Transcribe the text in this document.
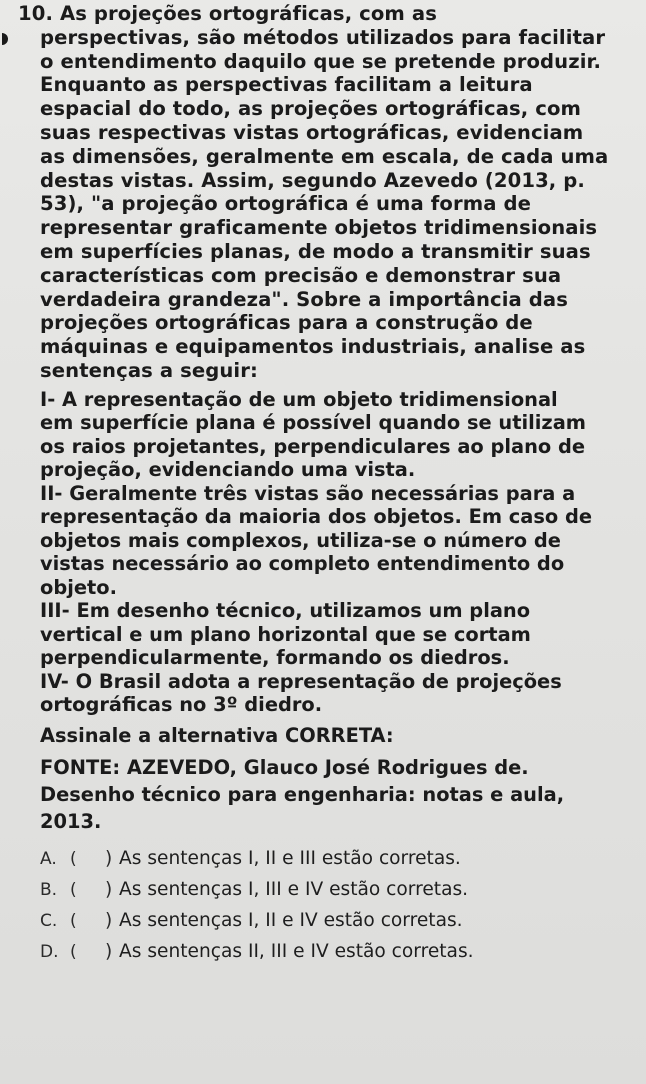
10. As projeções ortográficas, com as
perspectivas, são métodos utilizados para facilitar
o entendimento daquilo que se pretende produzir.
Enquanto as perspectivas facilitam a leitura
espacial do todo, as projeções ortográficas, com
suas respectivas vistas ortográficas, evidenciam
as dimensões, geralmente em escala, de cada uma
destas vistas. Assim, segundo Azevedo (2013, p.
53), "a projeção ortográfica é uma forma de
representar graficamente objetos tridimensionais
em superfícies planas, de modo a transmitir suas
características com precisão e demonstrar sua
verdadeira grandeza". Sobre a importância das
projeções ortográficas para a construção de
máquinas e equipamentos industriais, analise as
sentenças a seguir:
I- A representação de um objeto tridimensional
em superfície plana é possível quando se utilizam
os raios projetantes, perpendiculares ao plano de
projeção, evidenciando uma vista.
II- Geralmente três vistas são necessárias para a
representação da maioria dos objetos. Em caso de
objetos mais complexos, utiliza-se o número de
vistas necessário ao completo entendimento do
objeto.
III- Em desenho técnico, utilizamos um plano
vertical e um plano horizontal que se cortam
perpendicularmente, formando os diedros.
IV- O Brasil adota a representação de projeções
ortográficas no 3º diedro.
Assinale a alternativa CORRETA:
FONTE: AZEVEDO, Glauco José Rodrigues de.
Desenho técnico para engenharia: notas e aula,
2013.
A. (	) As sentenças I, II e III estão corretas.
B. (	) As sentenças I, III e IV estão corretas.
C. (	) As sentenças I, II e IV estão corretas.
D. (	) As sentenças II, III e IV estão corretas.
